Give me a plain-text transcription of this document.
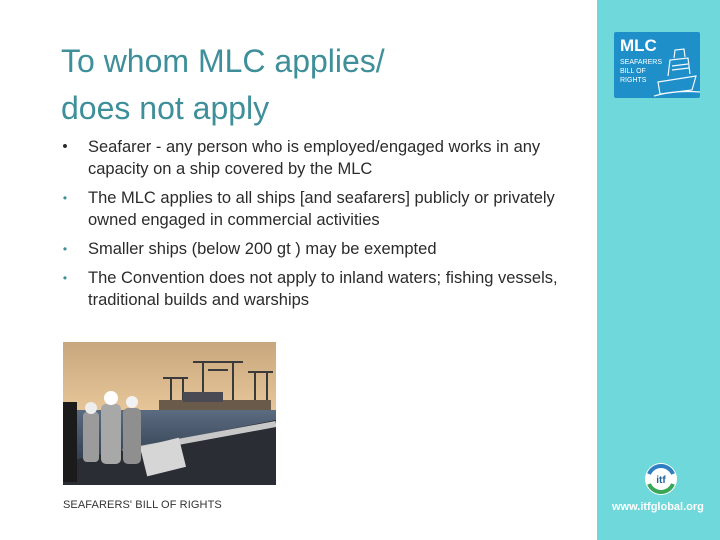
To whom MLC applies/
does not apply
• Seafarer - any person who is employed/engaged works in any capacity on a ship covered by the MLC
• The MLC applies to all ships [and seafarers] publicly or privately owned engaged in commercial activities
• Smaller ships (below 200 gt ) may be exempted
• The Convention does not apply to inland waters; fishing vessels, traditional builds and warships
SEAFARERS' BILL OF RIGHTS
MLC
SEAFARERS
BILL OF
RIGHTS
itf
www.itfglobal.org
